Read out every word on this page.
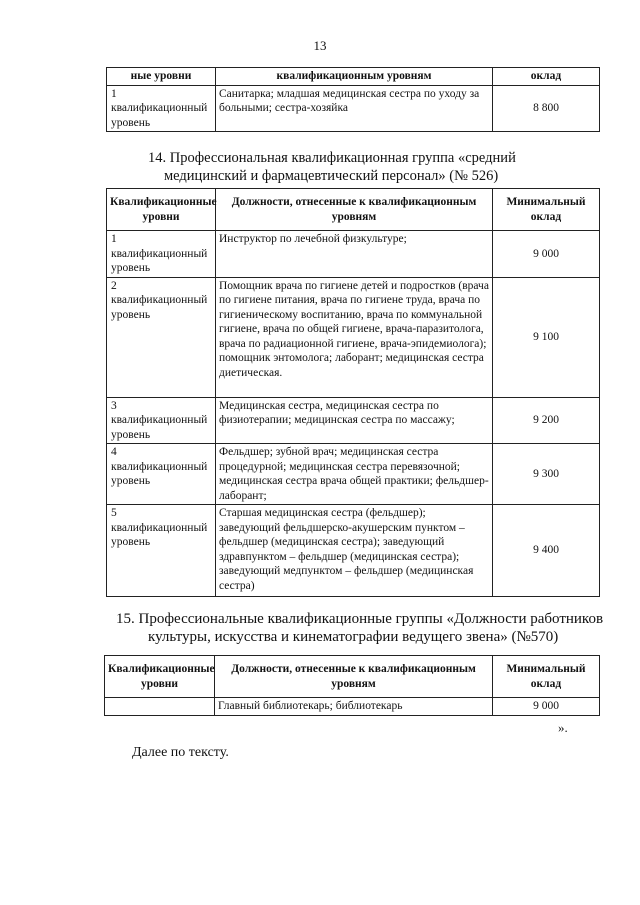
13
ные уровни	квалификационным уровням	оклад
1 квалификационный уровень	Санитарка; младшая медицинская сестра по уходу за больными; сестра-хозяйка	8 800
14. Профессиональная квалификационная группа «средний
медицинский и фармацевтический персонал» (№ 526)
Квалификационные уровни	Должности, отнесенные к квалификационным уровням	Минимальный оклад
1 квалификационный уровень	Инструктор по лечебной физкультуре;	9 000
2 квалификационный уровень	Помощник врача по гигиене детей и подростков (врача по гигиене питания, врача по гигиене труда, врача по гигиеническому воспитанию, врача по коммунальной гигиене, врача по общей гигиене, врача-паразитолога, врача по радиационной гигиене, врача-эпидемиолога); помощник энтомолога; лаборант; медицинская сестра диетическая.	9 100
3 квалификационный уровень	Медицинская сестра, медицинская сестра по физиотерапии; медицинская сестра по массажу;	9 200
4 квалификационный уровень	Фельдшер; зубной врач; медицинская сестра процедурной; медицинская сестра перевязочной; медицинская сестра врача общей практики; фельдшер-лаборант;	9 300
5 квалификационный уровень	Старшая медицинская сестра (фельдшер); заведующий фельдшерско-акушерским пунктом – фельдшер (медицинская сестра); заведующий здравпунктом – фельдшер (медицинская сестра); заведующий медпунктом – фельдшер (медицинская сестра)	9 400
15. Профессиональные квалификационные группы «Должности работников
культуры, искусства и кинематографии ведущего звена» (№570)
Квалификационные уровни	Должности, отнесенные к квалификационным уровням	Минимальный оклад
	Главный библиотекарь; библиотекарь	9 000
».
Далее по тексту.
